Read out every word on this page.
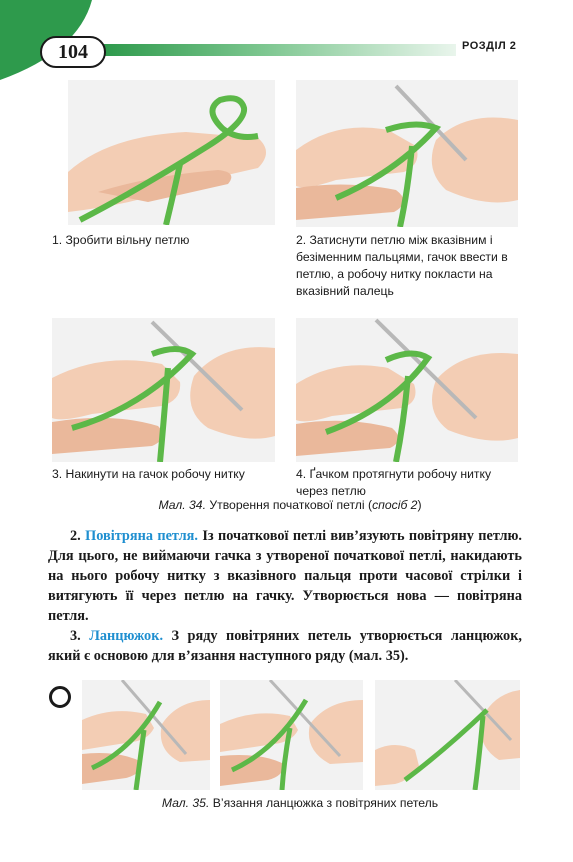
104	РОЗДІЛ 2
1. Зробити вільну петлю	2. Затиснути петлю між вказівним і безіменним пальцями, гачок ввести в петлю, а робочу нитку покласти на вказівний палець
3. Накинути на гачок робочу нитку	4. Ґачком протягнути робочу нитку через петлю
Мал. 34. Утворення початкової петлі (спосіб 2)
2. Повітряна петля. Із початкової петлі вив’язують повітряну петлю. Для цього, не виймаючи гачка з утвореної початкової петлі, накидають на нього робочу нитку з вказівного пальця проти часової стрілки і витягують її через петлю на гачку. Утворюється нова — повітряна петля.
3. Ланцюжок. З ряду повітряних петель утворюється ланцюжок, який є основою для в’язання наступного ряду (мал. 35).
Мал. 35. В’язання ланцюжка з повітряних петель
